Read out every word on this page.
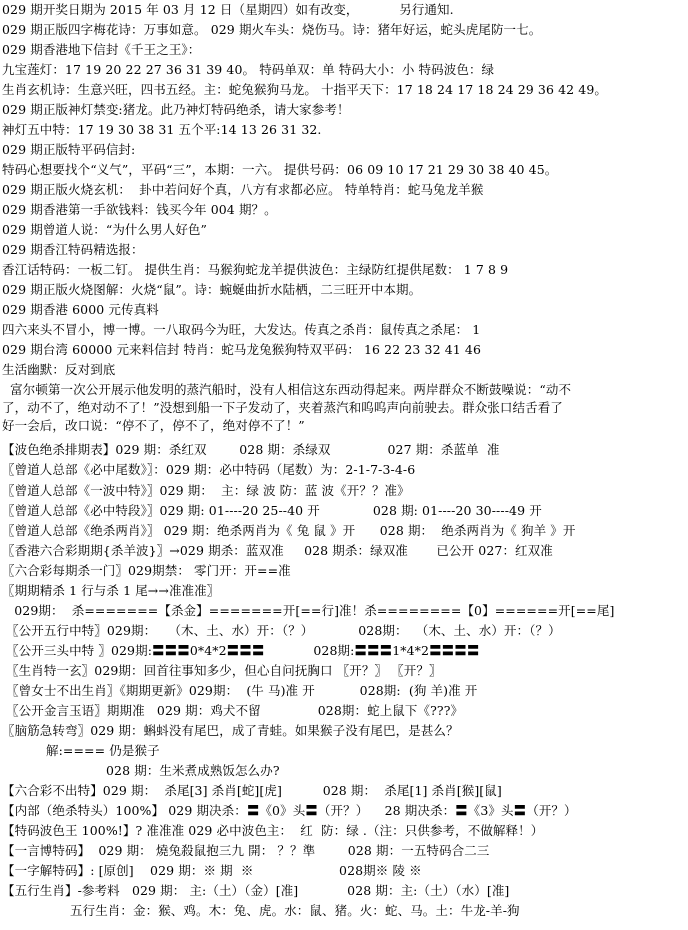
029 期开奖日期为 2015 年 03 月 12 日（星期四）如有改变，          另行通知.
029 期正版四字梅花诗：万事如意。 029 期火车头：烧伤马。诗：猪年好运，蛇头虎尾防一七。
029 期香港地下信封《千王之王》：
九宝莲灯：17 19 20 22 27 36 31 39 40。 特码单双：单 特码大小：小 特码波色：绿
生肖玄机诗：生意兴旺，四书五经。主：蛇兔猴狗马龙。 十指平天下：17 18 24 17 18 24 29 36 42 49。
029 期正版神灯禁变:猪龙。此乃神灯特码绝杀，请大家参考！
神灯五中特：17 19 30 38 31 五个平:14 13 26 31 32.
029 期正版特平码信封:
特码心想要找个“义气”，平码“三”，本期：一六。 提供号码：06 09 10 17 21 29 30 38 40 45。
029 期正版火烧玄机：  卦中若问好个真，八方有求都必应。 特单特肖：蛇马兔龙羊猴
029 期香港第一手欲钱料：钱买今年 004 期？。
029 期曾道人说：“为什么男人好色”
029 期香江特码精选报：
香江话特码：一板二钉。 提供生肖：马猴狗蛇龙羊提供波色：主绿防红提供尾数： 1 7 8 9
029 期正版火烧图解：火烧“鼠”。诗：蜿蜒曲折水陆栖，二三旺开中本期。
029 期香港 6000 元传真料
四六来头不冒小，博一博。一八取码今为旺，大发达。传真之杀肖：鼠传真之杀尾： 1
029 期台湾 60000 元来料信封 特肖：蛇马龙兔猴狗特双平码： 16 22 23 32 41 46
生活幽默：反对到底
富尔顿第一次公开展示他发明的蒸汽船时，没有人相信这东西动得起来。两岸群众不断鼓噪说：“动不
了，动不了，绝对动不了！”没想到船一下子发动了，夹着蒸汽和呜呜声向前驶去。群众张口结舌看了
好一会后，改口说：“停不了，停不了，绝对停不了！”
【波色绝杀排期表】029 期：杀红双        028 期：杀绿双              027 期：杀蓝单  准
〖曾道人总部《必中尾数》〗：029 期：必中特码（尾数）为：2-1-7-3-4-6
〖曾道人总部《一波中特》〗029 期：  主：绿 波 防：蓝 波《开？？准》
〖曾道人总部《必中特段》〗029 期: 01----20 25--40 开             028 期: 01----20 30----49 开
〖曾道人总部《绝杀两肖》〗 029 期：绝杀两肖为《 兔 鼠 》开      028 期：  绝杀两肖为《 狗羊 》开
〖香港六合彩期期{杀羊波}〗→029 期杀：蓝双准     028 期杀：绿双准       已公开 027：红双准
〖六合彩每期杀一门〗029期禁： 零门开：开==准
〖期期精杀 1 行与杀 1 尾→→准准准〗
029期：  杀=======【杀金】=======开[==行]准！杀========【0】======开[==尾]
〖公开五行中特〗029期：   （木、土、水）开：（？）           028期：  （木、土、水）开：（？）
〖公开三头中特 〗029期:〓〓〓0*4*2〓〓〓            028期:〓〓〓1*4*2〓〓〓〓
〖生肖特一玄〗029期：回首往事知多少，但心自问抚胸口 〖开？〗 〖开？〗
〖曾女士不出生肖〗《期期更新》029期：  (牛 马)准 开           028期:  (狗 羊)准 开
〖公开金言玉语〗期期准   029 期：鸡犬不留              028期：蛇上鼠下《???》
〖脑筋急转弯〗029 期：蝌蚪没有尾巴，成了青蛙。如果猴子没有尾巴，是甚么？
解:==== 仍是猴子
028 期：生米煮成熟饭怎么办?
【六合彩不出特】029 期：  杀尾[3] 杀肖[蛇][虎]          028 期：  杀尾[1] 杀肖[猴][鼠]
【内部（绝杀特头）100%】 029 期决杀：〓《0》头〓（开？）    28 期决杀：〓《3》头〓（开？）
【特码波色王 100%!】? 准准准 029 必中波色主：  红  防：绿 .（注：只供参考，不做解释！）
【一言博特码】  029 期： 燒兔殺鼠抱三九 開： ？？準        028 期：一五特码合二三
【一字解特码】: [原创]    029 期：※ 期  ※                     028期※ 陵 ※
【五行生肖】-参考料   029 期： 主:（土）（金）[准]            028 期：主:（土）（水）[准]
五行生肖：金：猴、鸡。木：兔、虎。水：鼠、猪。火：蛇、马。土：牛龙-羊-狗
